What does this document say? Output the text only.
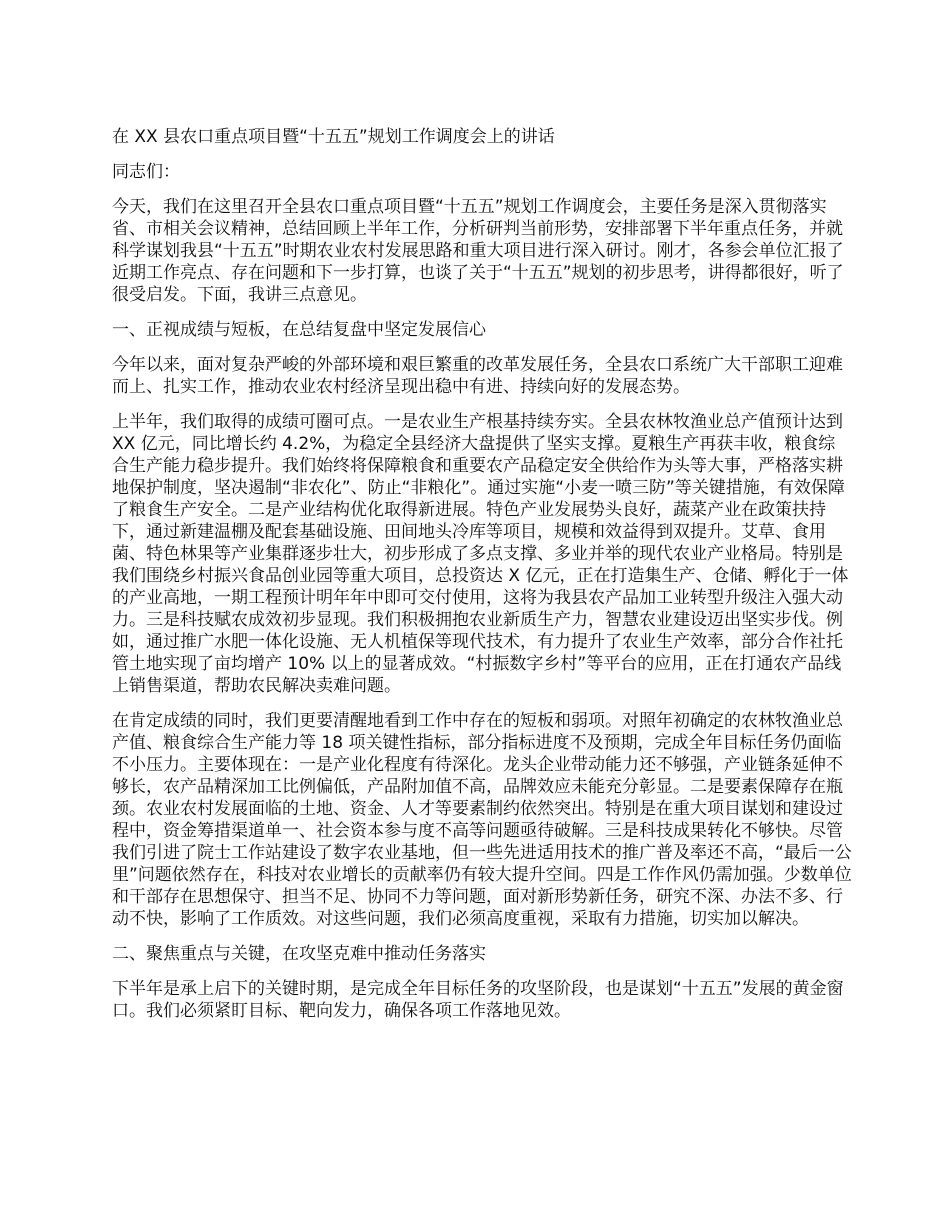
在 XX 县农口重点项目暨“十五五”规划工作调度会上的讲话

同志们：

今天，我们在这里召开全县农口重点项目暨“十五五”规划工作调度会，主要任务是深入贯彻落实省、市相关会议精神，总结回顾上半年工作，分析研判当前形势，安排部署下半年重点任务，并就科学谋划我县“十五五”时期农业农村发展思路和重大项目进行深入研讨。刚才，各参会单位汇报了近期工作亮点、存在问题和下一步打算，也谈了关于“十五五”规划的初步思考，讲得都很好，听了很受启发。下面，我讲三点意见。

一、正视成绩与短板，在总结复盘中坚定发展信心

今年以来，面对复杂严峻的外部环境和艰巨繁重的改革发展任务，全县农口系统广大干部职工迎难而上、扎实工作，推动农业农村经济呈现出稳中有进、持续向好的发展态势。

上半年，我们取得的成绩可圈可点。一是农业生产根基持续夯实。全县农林牧渔业总产值预计达到 XX 亿元，同比增长约 4.2%，为稳定全县经济大盘提供了坚实支撑。夏粮生产再获丰收，粮食综合生产能力稳步提升。我们始终将保障粮食和重要农产品稳定安全供给作为头等大事，严格落实耕地保护制度，坚决遏制“非农化”、防止“非粮化”。通过实施“小麦一喷三防”等关键措施，有效保障了粮食生产安全。二是产业结构优化取得新进展。特色产业发展势头良好，蔬菜产业在政策扶持下，通过新建温棚及配套基础设施、田间地头冷库等项目，规模和效益得到双提升。艾草、食用菌、特色林果等产业集群逐步壮大，初步形成了多点支撑、多业并举的现代农业产业格局。特别是我们围绕乡村振兴食品创业园等重大项目，总投资达 X 亿元，正在打造集生产、仓储、孵化于一体的产业高地，一期工程预计明年年中即可交付使用，这将为我县农产品加工业转型升级注入强大动力。三是科技赋农成效初步显现。我们积极拥抱农业新质生产力，智慧农业建设迈出坚实步伐。例如，通过推广水肥一体化设施、无人机植保等现代技术，有力提升了农业生产效率，部分合作社托管土地实现了亩均增产 10% 以上的显著成效。“村振数字乡村”等平台的应用，正在打通农产品线上销售渠道，帮助农民解决卖难问题。

在肯定成绩的同时，我们更要清醒地看到工作中存在的短板和弱项。对照年初确定的农林牧渔业总产值、粮食综合生产能力等 18 项关键性指标，部分指标进度不及预期，完成全年目标任务仍面临不小压力。主要体现在：一是产业化程度有待深化。龙头企业带动能力还不够强，产业链条延伸不够长，农产品精深加工比例偏低，产品附加值不高，品牌效应未能充分彰显。二是要素保障存在瓶颈。农业农村发展面临的土地、资金、人才等要素制约依然突出。特别是在重大项目谋划和建设过程中，资金筹措渠道单一、社会资本参与度不高等问题亟待破解。三是科技成果转化不够快。尽管我们引进了院士工作站建设了数字农业基地，但一些先进适用技术的推广普及率还不高，“最后一公里”问题依然存在，科技对农业增长的贡献率仍有较大提升空间。四是工作作风仍需加强。少数单位和干部存在思想保守、担当不足、协同不力等问题，面对新形势新任务，研究不深、办法不多、行动不快，影响了工作质效。对这些问题，我们必须高度重视，采取有力措施，切实加以解决。

二、聚焦重点与关键，在攻坚克难中推动任务落实

下半年是承上启下的关键时期，是完成全年目标任务的攻坚阶段，也是谋划“十五五”发展的黄金窗口。我们必须紧盯目标、靶向发力，确保各项工作落地见效。
